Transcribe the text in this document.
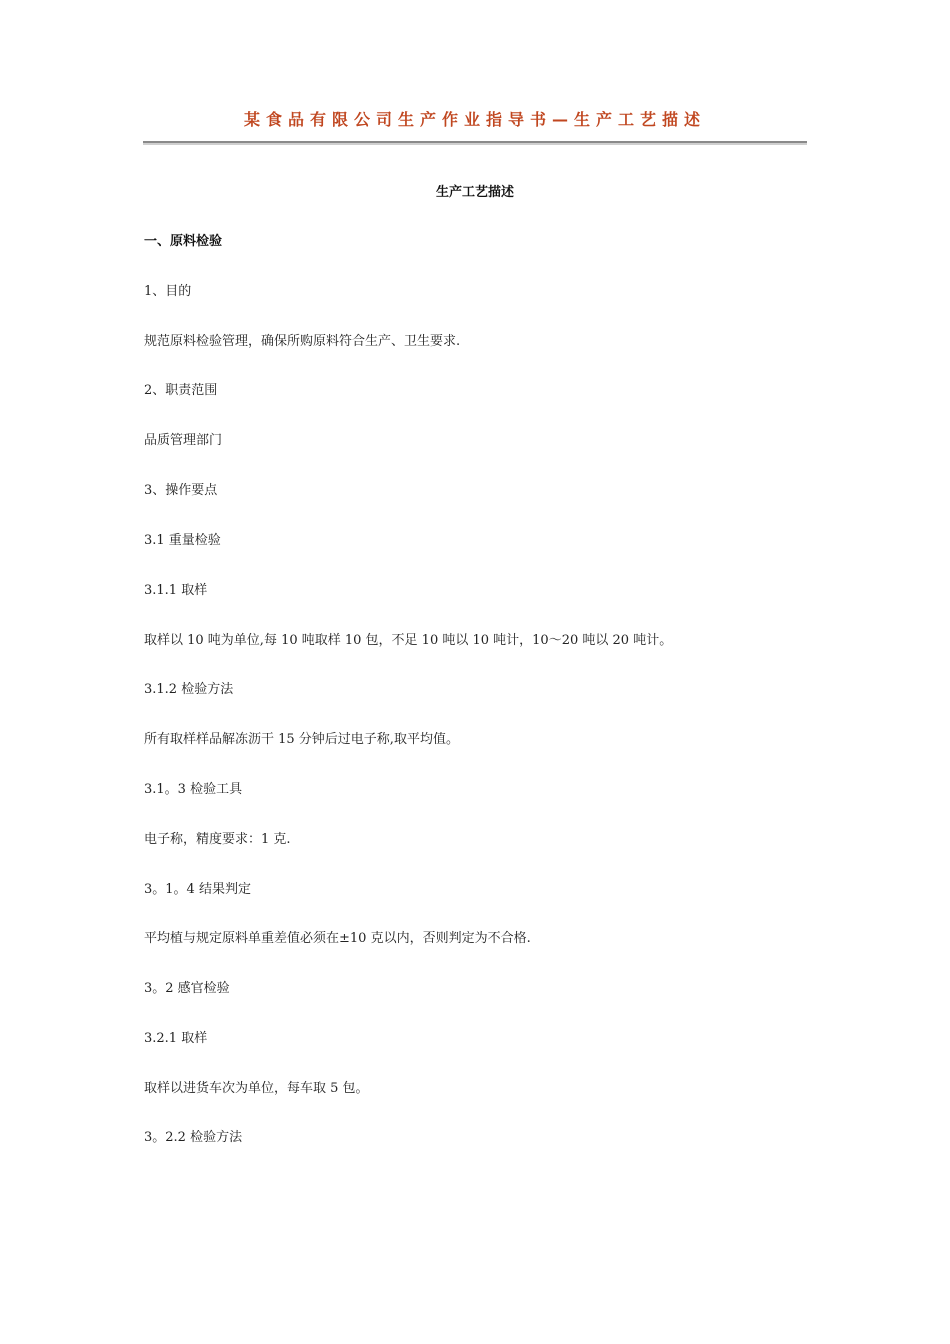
某食品有限公司生产作业指导书—生产工艺描述
生产工艺描述
一、原料检验
1、目的
规范原料检验管理，确保所购原料符合生产、卫生要求.
2、职责范围
品质管理部门
3、操作要点
3.1 重量检验
3.1.1 取样
取样以 10 吨为单位,每 10 吨取样 10 包，不足 10 吨以 10 吨计，10～20 吨以 20 吨计。
3.1.2 检验方法
所有取样样品解冻沥干 15 分钟后过电子称,取平均值。
3.1。3 检验工具
电子称，精度要求：1 克.
3。1。4 结果判定
平均植与规定原料单重差值必须在±10 克以内，否则判定为不合格.
3。2 感官检验
3.2.1 取样
取样以进货车次为单位，每车取 5 包。
3。2.2 检验方法
